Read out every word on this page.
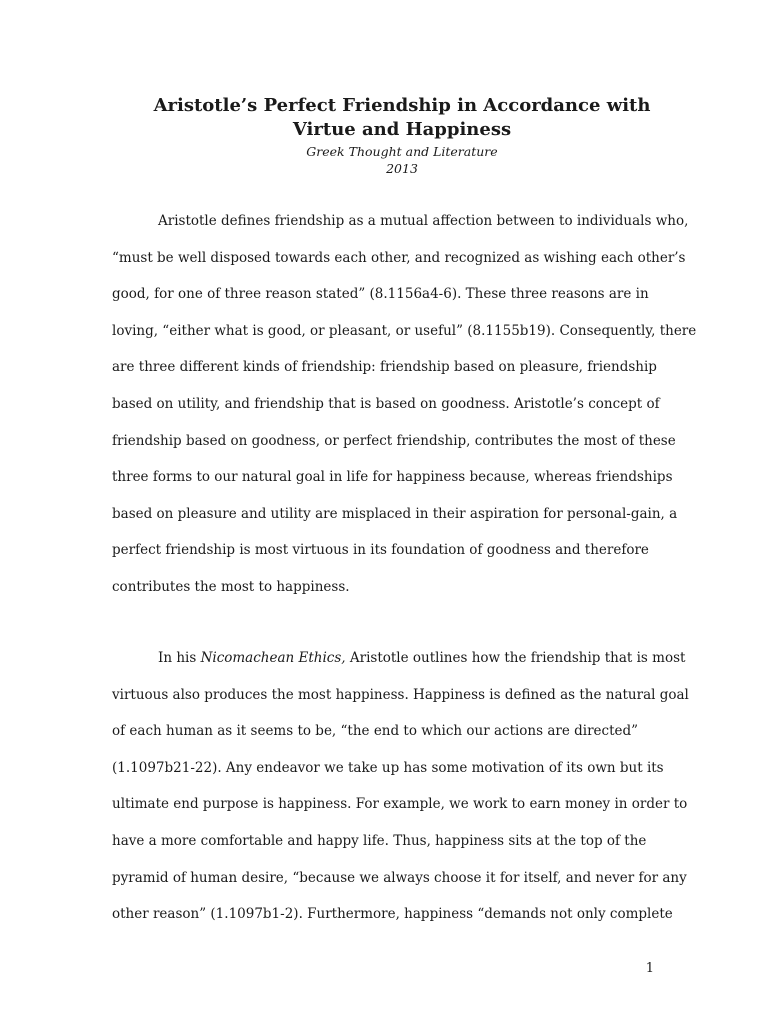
Aristotle’s Perfect Friendship in Accordance with
Virtue and Happiness
Greek Thought and Literature
2013
Aristotle defines friendship as a mutual affection between to individuals who,
“must be well disposed towards each other, and recognized as wishing each other’s
good, for one of three reason stated” (8.1156a4-6). These three reasons are in
loving, “either what is good, or pleasant, or useful” (8.1155b19). Consequently, there
are three different kinds of friendship: friendship based on pleasure, friendship
based on utility, and friendship that is based on goodness. Aristotle’s concept of
friendship based on goodness, or perfect friendship, contributes the most of these
three forms to our natural goal in life for happiness because, whereas friendships
based on pleasure and utility are misplaced in their aspiration for personal-gain, a
perfect friendship is most virtuous in its foundation of goodness and therefore
contributes the most to happiness.
In his Nicomachean Ethics, Aristotle outlines how the friendship that is most
virtuous also produces the most happiness. Happiness is defined as the natural goal
of each human as it seems to be, “the end to which our actions are directed”
(1.1097b21-22). Any endeavor we take up has some motivation of its own but its
ultimate end purpose is happiness. For example, we work to earn money in order to
have a more comfortable and happy life. Thus, happiness sits at the top of the
pyramid of human desire, “because we always choose it for itself, and never for any
other reason” (1.1097b1-2). Furthermore, happiness “demands not only complete
1
